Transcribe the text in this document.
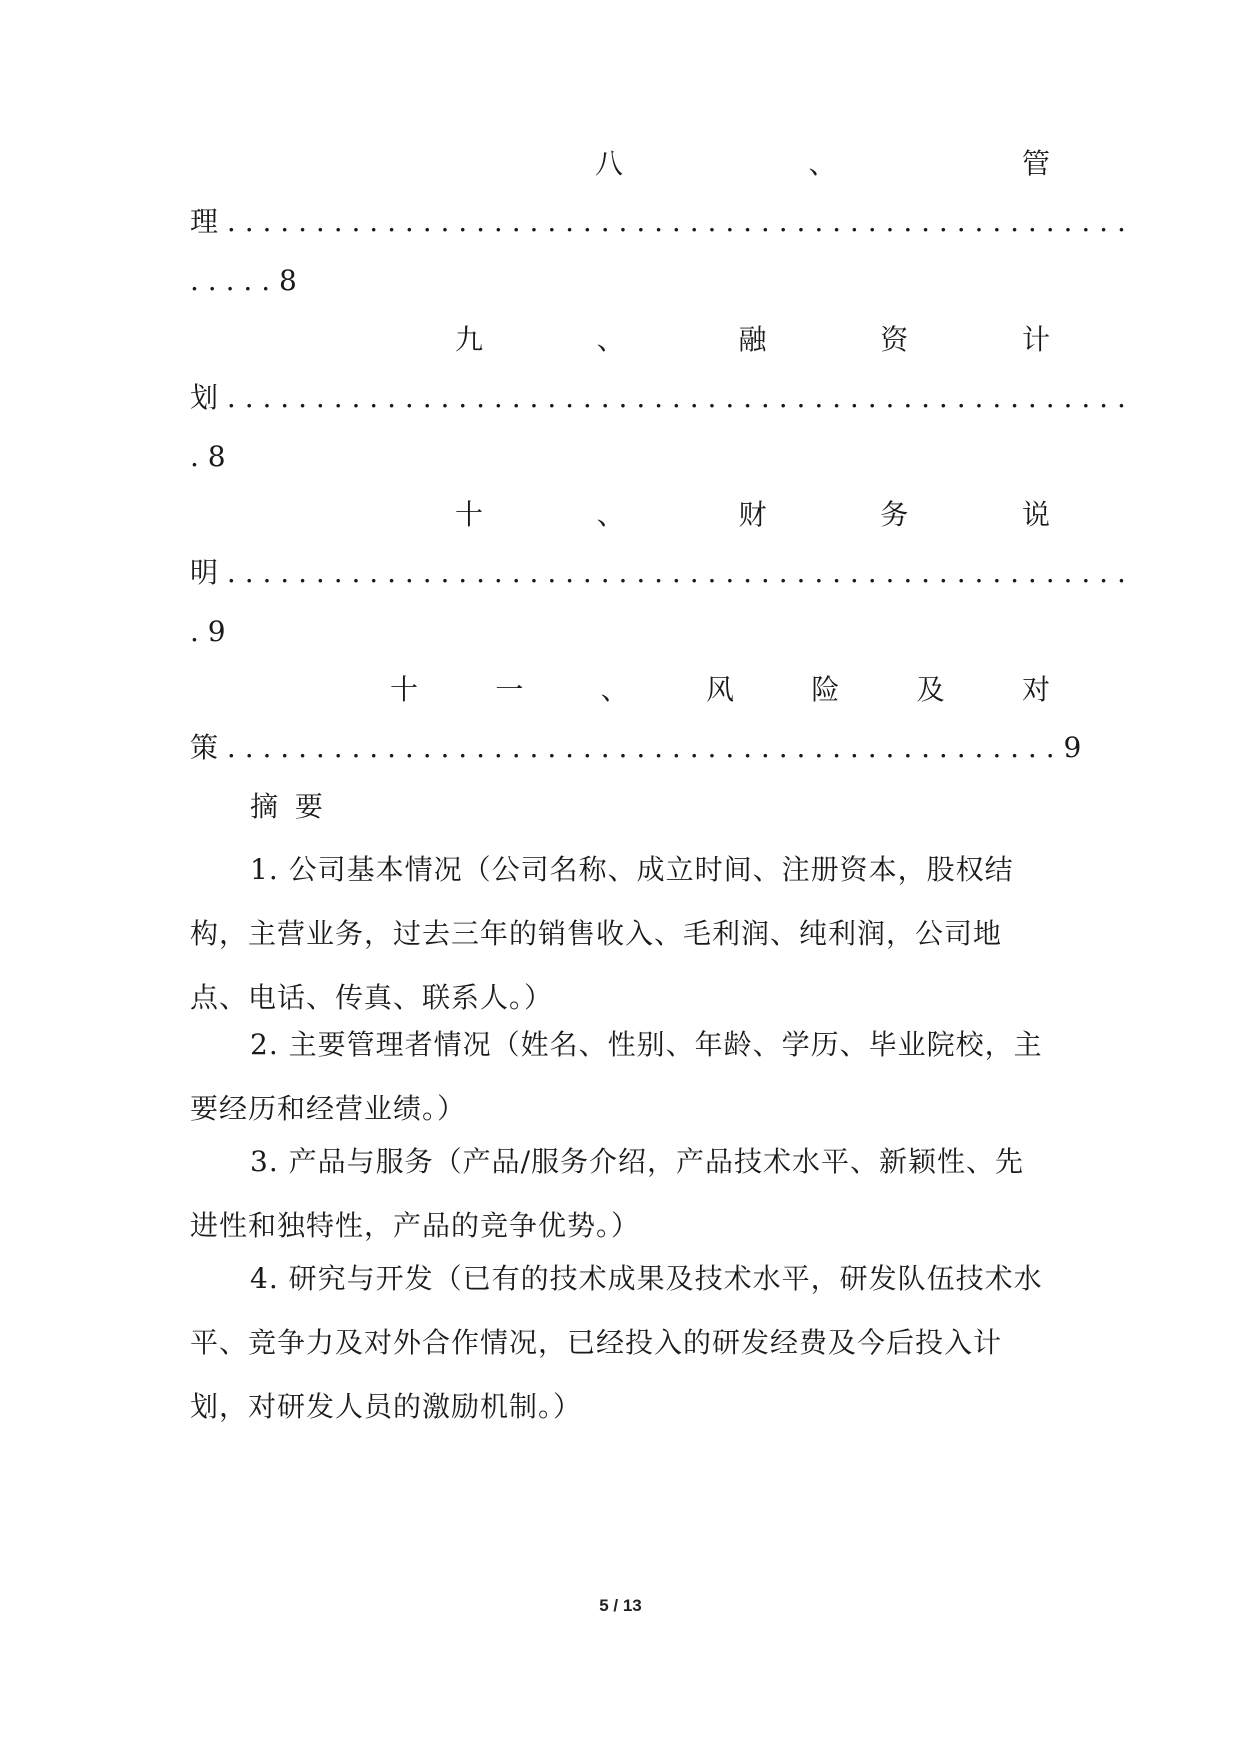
八	、	管
理 . . . . . . . . . . . . . . . . . . . . . . . . . . . . . . . . . . . . . . . . . . . . . . . . . . .
. . . . . 8
九	、	融	资	计
划 . . . . . . . . . . . . . . . . . . . . . . . . . . . . . . . . . . . . . . . . . . . . . . . . . . .
. 8
十	、	财	务	说
明 . . . . . . . . . . . . . . . . . . . . . . . . . . . . . . . . . . . . . . . . . . . . . . . . . . .
. 9
十	一	、	风	险	及	对
策 . . . . . . . . . . . . . . . . . . . . . . . . . . . . . . . . . . . . . . . . . . . . . . . 9
摘 要
1. 公司基本情况（公司名称、成立时间、注册资本，股权结构，主营业务，过去三年的销售收入、毛利润、纯利润，公司地点、电话、传真、联系人。）
2. 主要管理者情况（姓名、性别、年龄、学历、毕业院校，主要经历和经营业绩。）
3. 产品与服务（产品/服务介绍，产品技术水平、新颖性、先进性和独特性，产品的竞争优势。）
4. 研究与开发（已有的技术成果及技术水平，研发队伍技术水平、竞争力及对外合作情况，已经投入的研发经费及今后投入计划，对研发人员的激励机制。）
5 / 13
